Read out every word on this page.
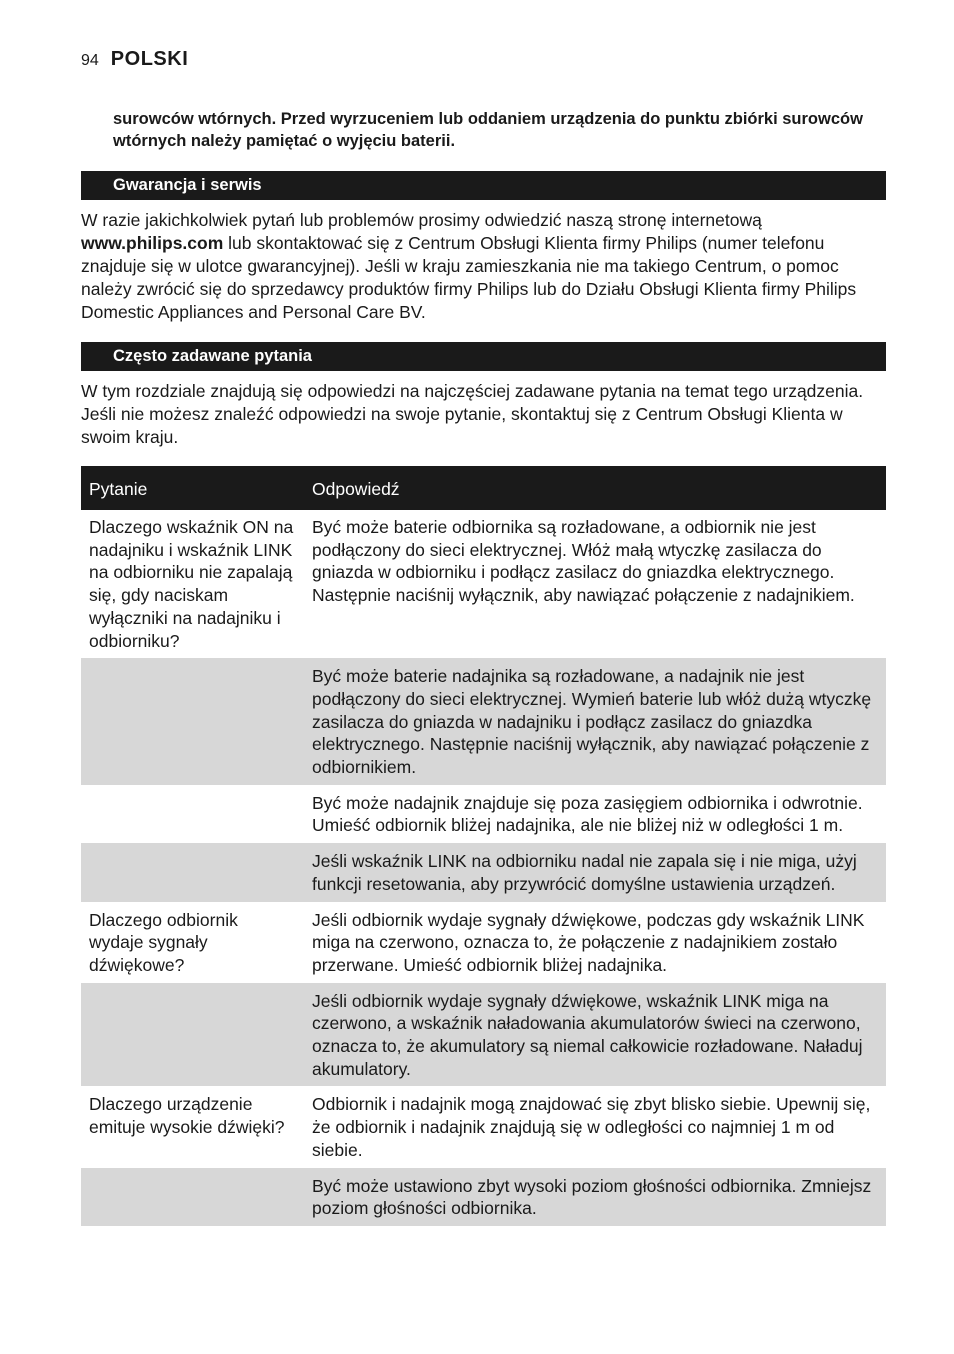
94 POLSKI
surowców wtórnych. Przed wyrzuceniem lub oddaniem urządzenia do punktu zbiórki surowców wtórnych należy pamiętać o wyjęciu baterii.
Gwarancja i serwis
W razie jakichkolwiek pytań lub problemów prosimy odwiedzić naszą stronę internetową
www.philips.com lub skontaktować się z Centrum Obsługi Klienta firmy Philips (numer telefonu znajduje się w ulotce gwarancyjnej). Jeśli w kraju zamieszkania nie ma takiego Centrum, o pomoc należy zwrócić się do sprzedawcy produktów firmy Philips lub do Działu Obsługi Klienta firmy Philips Domestic Appliances and Personal Care BV.
Często zadawane pytania
W tym rozdziale znajdują się odpowiedzi na najczęściej zadawane pytania na temat tego urządzenia. Jeśli nie możesz znaleźć odpowiedzi na swoje pytanie, skontaktuj się z Centrum Obsługi Klienta w swoim kraju.
Pytanie	Odpowiedź
Dlaczego wskaźnik ON na nadajniku i wskaźnik LINK na odbiorniku nie zapalają się, gdy naciskam wyłączniki na nadajniku i odbiorniku?	Być może baterie odbiornika są rozładowane, a odbiornik nie jest podłączony do sieci elektrycznej. Włóż małą wtyczkę zasilacza do gniazda w odbiorniku i podłącz zasilacz do gniazdka elektrycznego. Następnie naciśnij wyłącznik, aby nawiązać połączenie z nadajnikiem.
	Być może baterie nadajnika są rozładowane, a nadajnik nie jest podłączony do sieci elektrycznej. Wymień baterie lub włóż dużą wtyczkę zasilacza do gniazda w nadajniku i podłącz zasilacz do gniazdka elektrycznego. Następnie naciśnij wyłącznik, aby nawiązać połączenie z odbiornikiem.
	Być może nadajnik znajduje się poza zasięgiem odbiornika i odwrotnie. Umieść odbiornik bliżej nadajnika, ale nie bliżej niż w odległości 1 m.
	Jeśli wskaźnik LINK na odbiorniku nadal nie zapala się i nie miga, użyj funkcji resetowania, aby przywrócić domyślne ustawienia urządzeń.
Dlaczego odbiornik wydaje sygnały dźwiękowe?	Jeśli odbiornik wydaje sygnały dźwiękowe, podczas gdy wskaźnik LINK miga na czerwono, oznacza to, że połączenie z nadajnikiem zostało przerwane. Umieść odbiornik bliżej nadajnika.
	Jeśli odbiornik wydaje sygnały dźwiękowe, wskaźnik LINK miga na czerwono, a wskaźnik naładowania akumulatorów świeci na czerwono, oznacza to, że akumulatory są niemal całkowicie rozładowane. Naładuj akumulatory.
Dlaczego urządzenie emituje wysokie dźwięki?	Odbiornik i nadajnik mogą znajdować się zbyt blisko siebie. Upewnij się, że odbiornik i nadajnik znajdują się w odległości co najmniej 1 m od siebie.
	Być może ustawiono zbyt wysoki poziom głośności odbiornika. Zmniejsz poziom głośności odbiornika.
